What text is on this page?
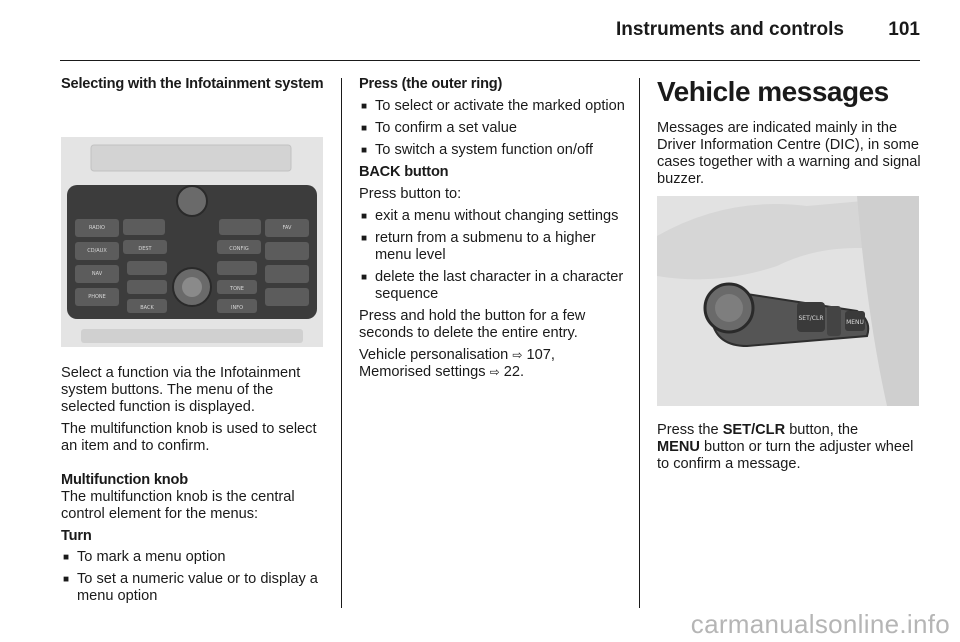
Instruments and controls 101

Selecting with the Infotainment system

RADIO
CD/AUX
NAV
PHONE
FAV
DEST	CONFIG
TONE
INFO
BACK

Select a function via the Infotainment system buttons. The menu of the selected function is displayed.

The multifunction knob is used to select an item and to confirm.

Multifunction knob

The multifunction knob is the central control element for the menus:

Turn

■ To mark a menu option
■ To set a numeric value or to display a menu option

Press (the outer ring)

■ To select or activate the marked option
■ To confirm a set value
■ To switch a system function on/off

BACK button

Press button to:

■ exit a menu without changing settings
■ return from a submenu to a higher menu level
■ delete the last character in a character sequence

Press and hold the button for a few seconds to delete the entire entry.

Vehicle personalisation ⇨ 107,
Memorised settings ⇨ 22.

Vehicle messages

Messages are indicated mainly in the Driver Information Centre (DIC), in some cases together with a warning and signal buzzer.

SET/CLR
MENU

Press the SET/CLR button, the
MENU button or turn the adjuster wheel to confirm a message.

carmanualsonline.info
